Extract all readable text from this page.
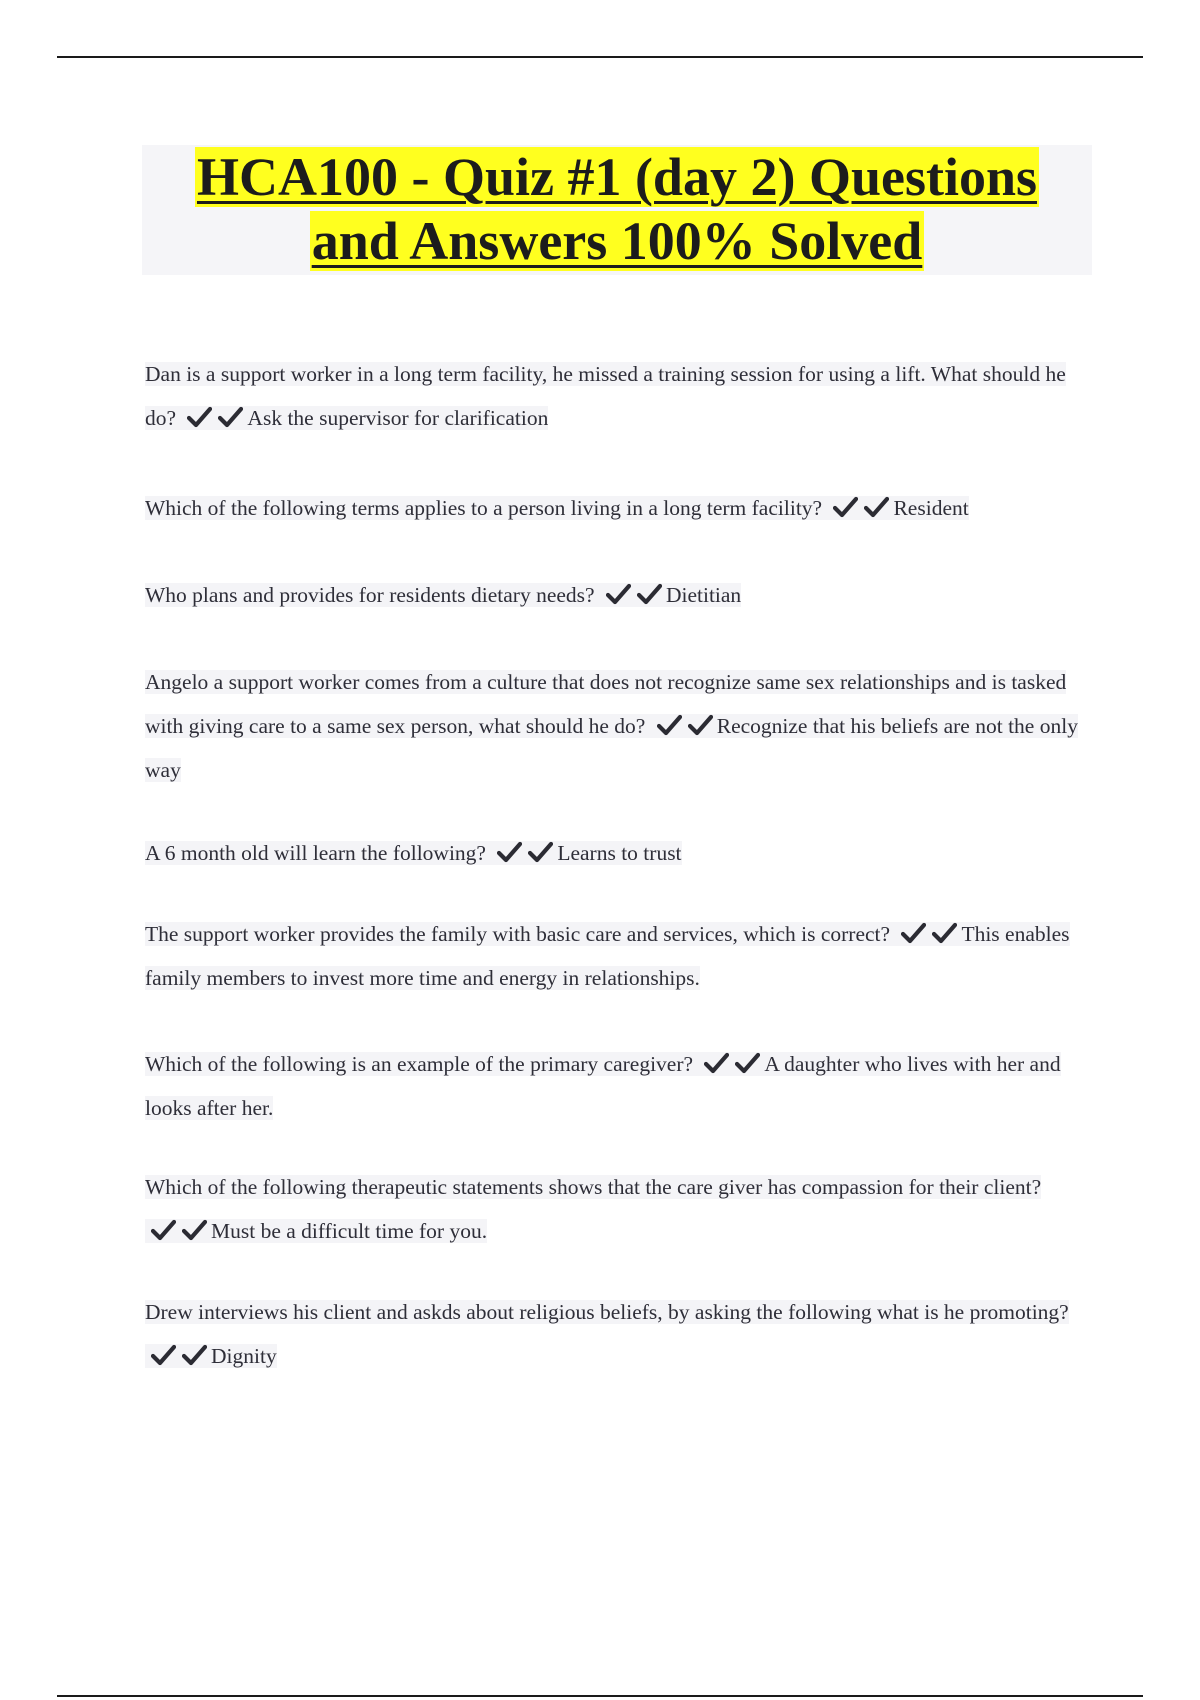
HCA100 - Quiz #1 (day 2) Questions
and Answers 100% Solved

Dan is a support worker in a long term facility, he missed a training session for using a lift. What should he do?	Ask the supervisor for clarification

Which of the following terms applies to a person living in a long term facility?	Resident

Who plans and provides for residents dietary needs?	Dietitian

Angelo a support worker comes from a culture that does not recognize same sex relationships and is tasked with giving care to a same sex person, what should he do?	Recognize that his beliefs are not the only way

A 6 month old will learn the following?	Learns to trust

The support worker provides the family with basic care and services, which is correct?	This enables family members to invest more time and energy in relationships.

Which of the following is an example of the primary caregiver?	A daughter who lives with her and looks after her.

Which of the following therapeutic statements shows that the care giver has compassion for their client?
Must be a difficult time for you.

Drew interviews his client and askds about religious beliefs, by asking the following what is he promoting?
Dignity
